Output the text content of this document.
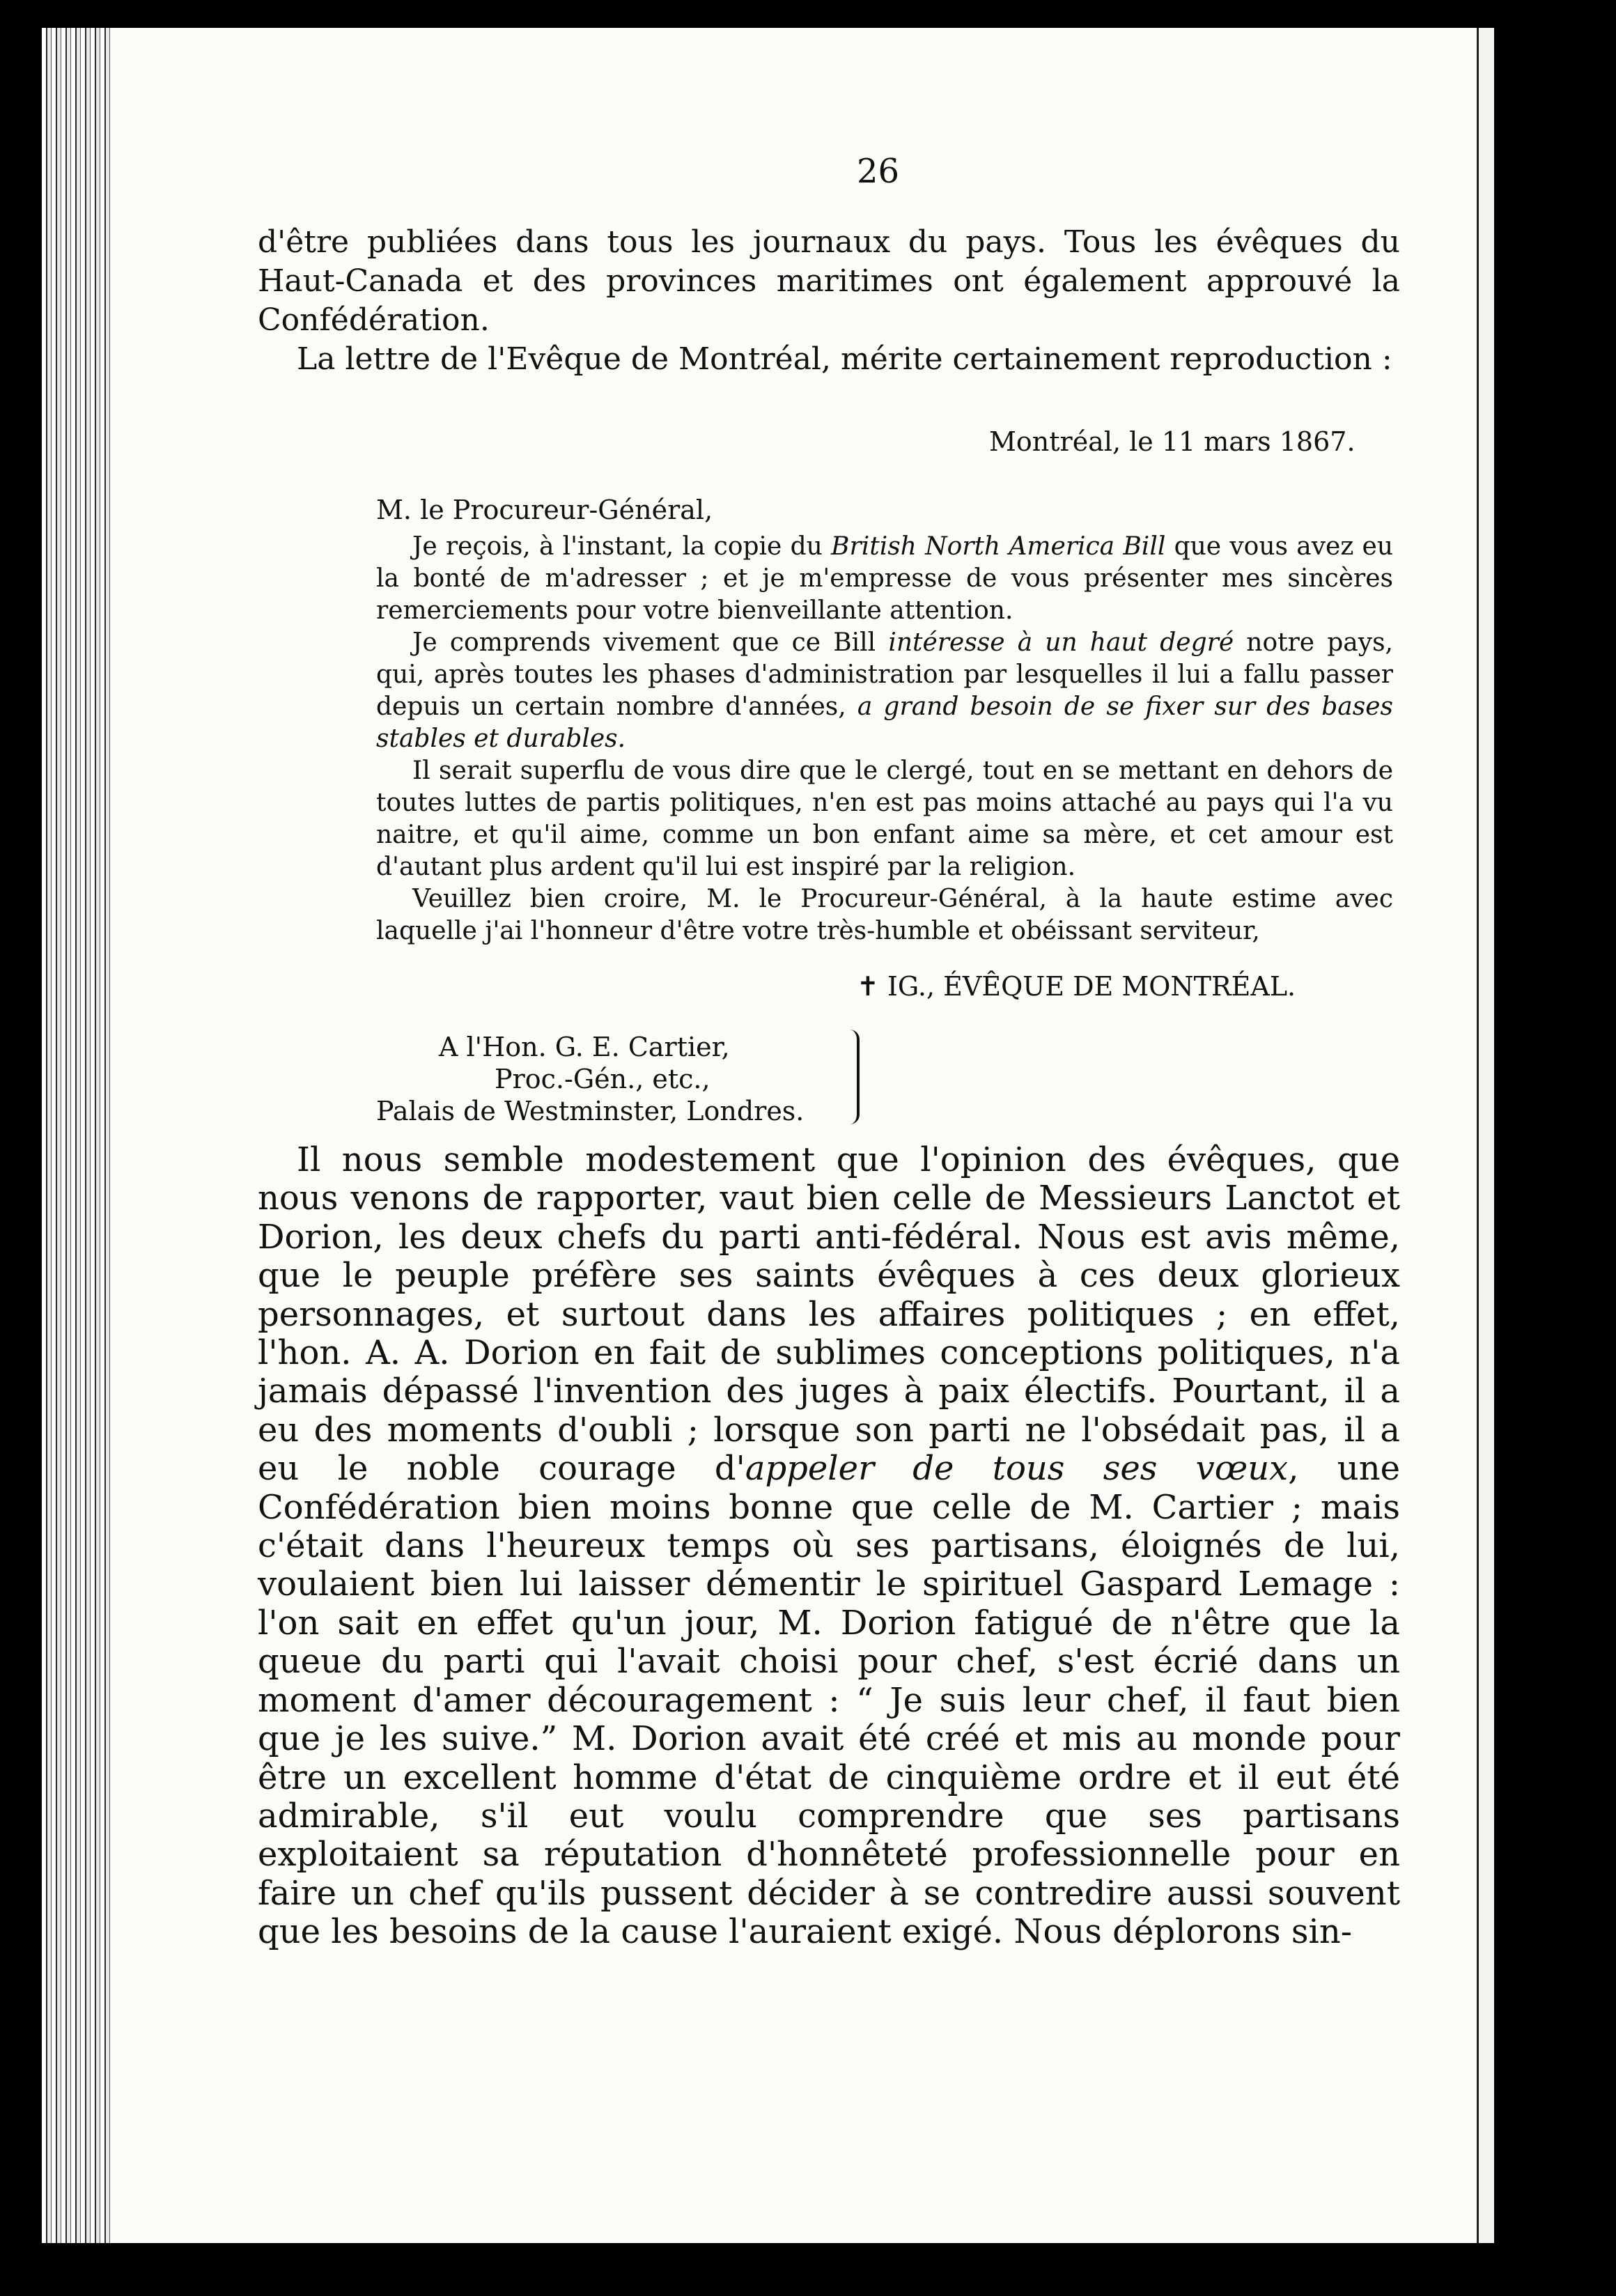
26

d'être publiées dans tous les journaux du pays. Tous les évêques du Haut-Canada et des provinces maritimes ont également approuvé la Confédération.

La lettre de l'Evêque de Montréal, mérite certainement reproduction :

Montréal, le 11 mars 1867.
M. le Procureur-Général,

Je reçois, à l'instant, la copie du British North America Bill que vous avez eu la bonté de m'adresser ; et je m'empresse de vous présenter mes sincères remerciements pour votre bienveillante attention.

Je comprends vivement que ce Bill intéresse à un haut degré notre pays, qui, après toutes les phases d'administration par lesquelles il lui a fallu passer depuis un certain nombre d'années, a grand besoin de se fixer sur des bases stables et durables.

Il serait superflu de vous dire que le clergé, tout en se mettant en dehors de toutes luttes de partis politiques, n'en est pas moins attaché au pays qui l'a vu naitre, et qu'il aime, comme un bon enfant aime sa mère, et cet amour est d'autant plus ardent qu'il lui est inspiré par la religion.

Veuillez bien croire, M. le Procureur-Général, à la haute estime avec laquelle j'ai l'honneur d'être votre très-humble et obéissant serviteur,

✝ IG., ÉVÊQUE DE MONTRÉAL.
A l'Hon. G. E. Cartier,
Proc.-Gén., etc.,
Palais de Westminster, Londres.

Il nous semble modestement que l'opinion des évêques, que nous venons de rapporter, vaut bien celle de Messieurs Lanctot et Dorion, les deux chefs du parti anti-fédéral. Nous est avis même, que le peuple préfère ses saints évêques à ces deux glorieux personnages, et surtout dans les affaires politiques ; en effet, l'hon. A. A. Dorion en fait de sublimes conceptions politiques, n'a jamais dépassé l'invention des juges à paix électifs. Pourtant, il a eu des moments d'oubli ; lorsque son parti ne l'obsédait pas, il a eu le noble courage d'appeler de tous ses vœux, une Confédération bien moins bonne que celle de M. Cartier ; mais c'était dans l'heureux temps où ses partisans, éloignés de lui, voulaient bien lui laisser démentir le spirituel Gaspard Lemage : l'on sait en effet qu'un jour, M. Dorion fatigué de n'être que la queue du parti qui l'avait choisi pour chef, s'est écrié dans un moment d'amer découragement : “ Je suis leur chef, il faut bien que je les suive.” M. Dorion avait été créé et mis au monde pour être un excellent homme d'état de cinquième ordre et il eut été admirable, s'il eut voulu comprendre que ses partisans exploitaient sa réputation d'honnêteté professionnelle pour en faire un chef qu'ils pussent décider à se contredire aussi souvent que les besoins de la cause l'auraient exigé. Nous déplorons sin-
